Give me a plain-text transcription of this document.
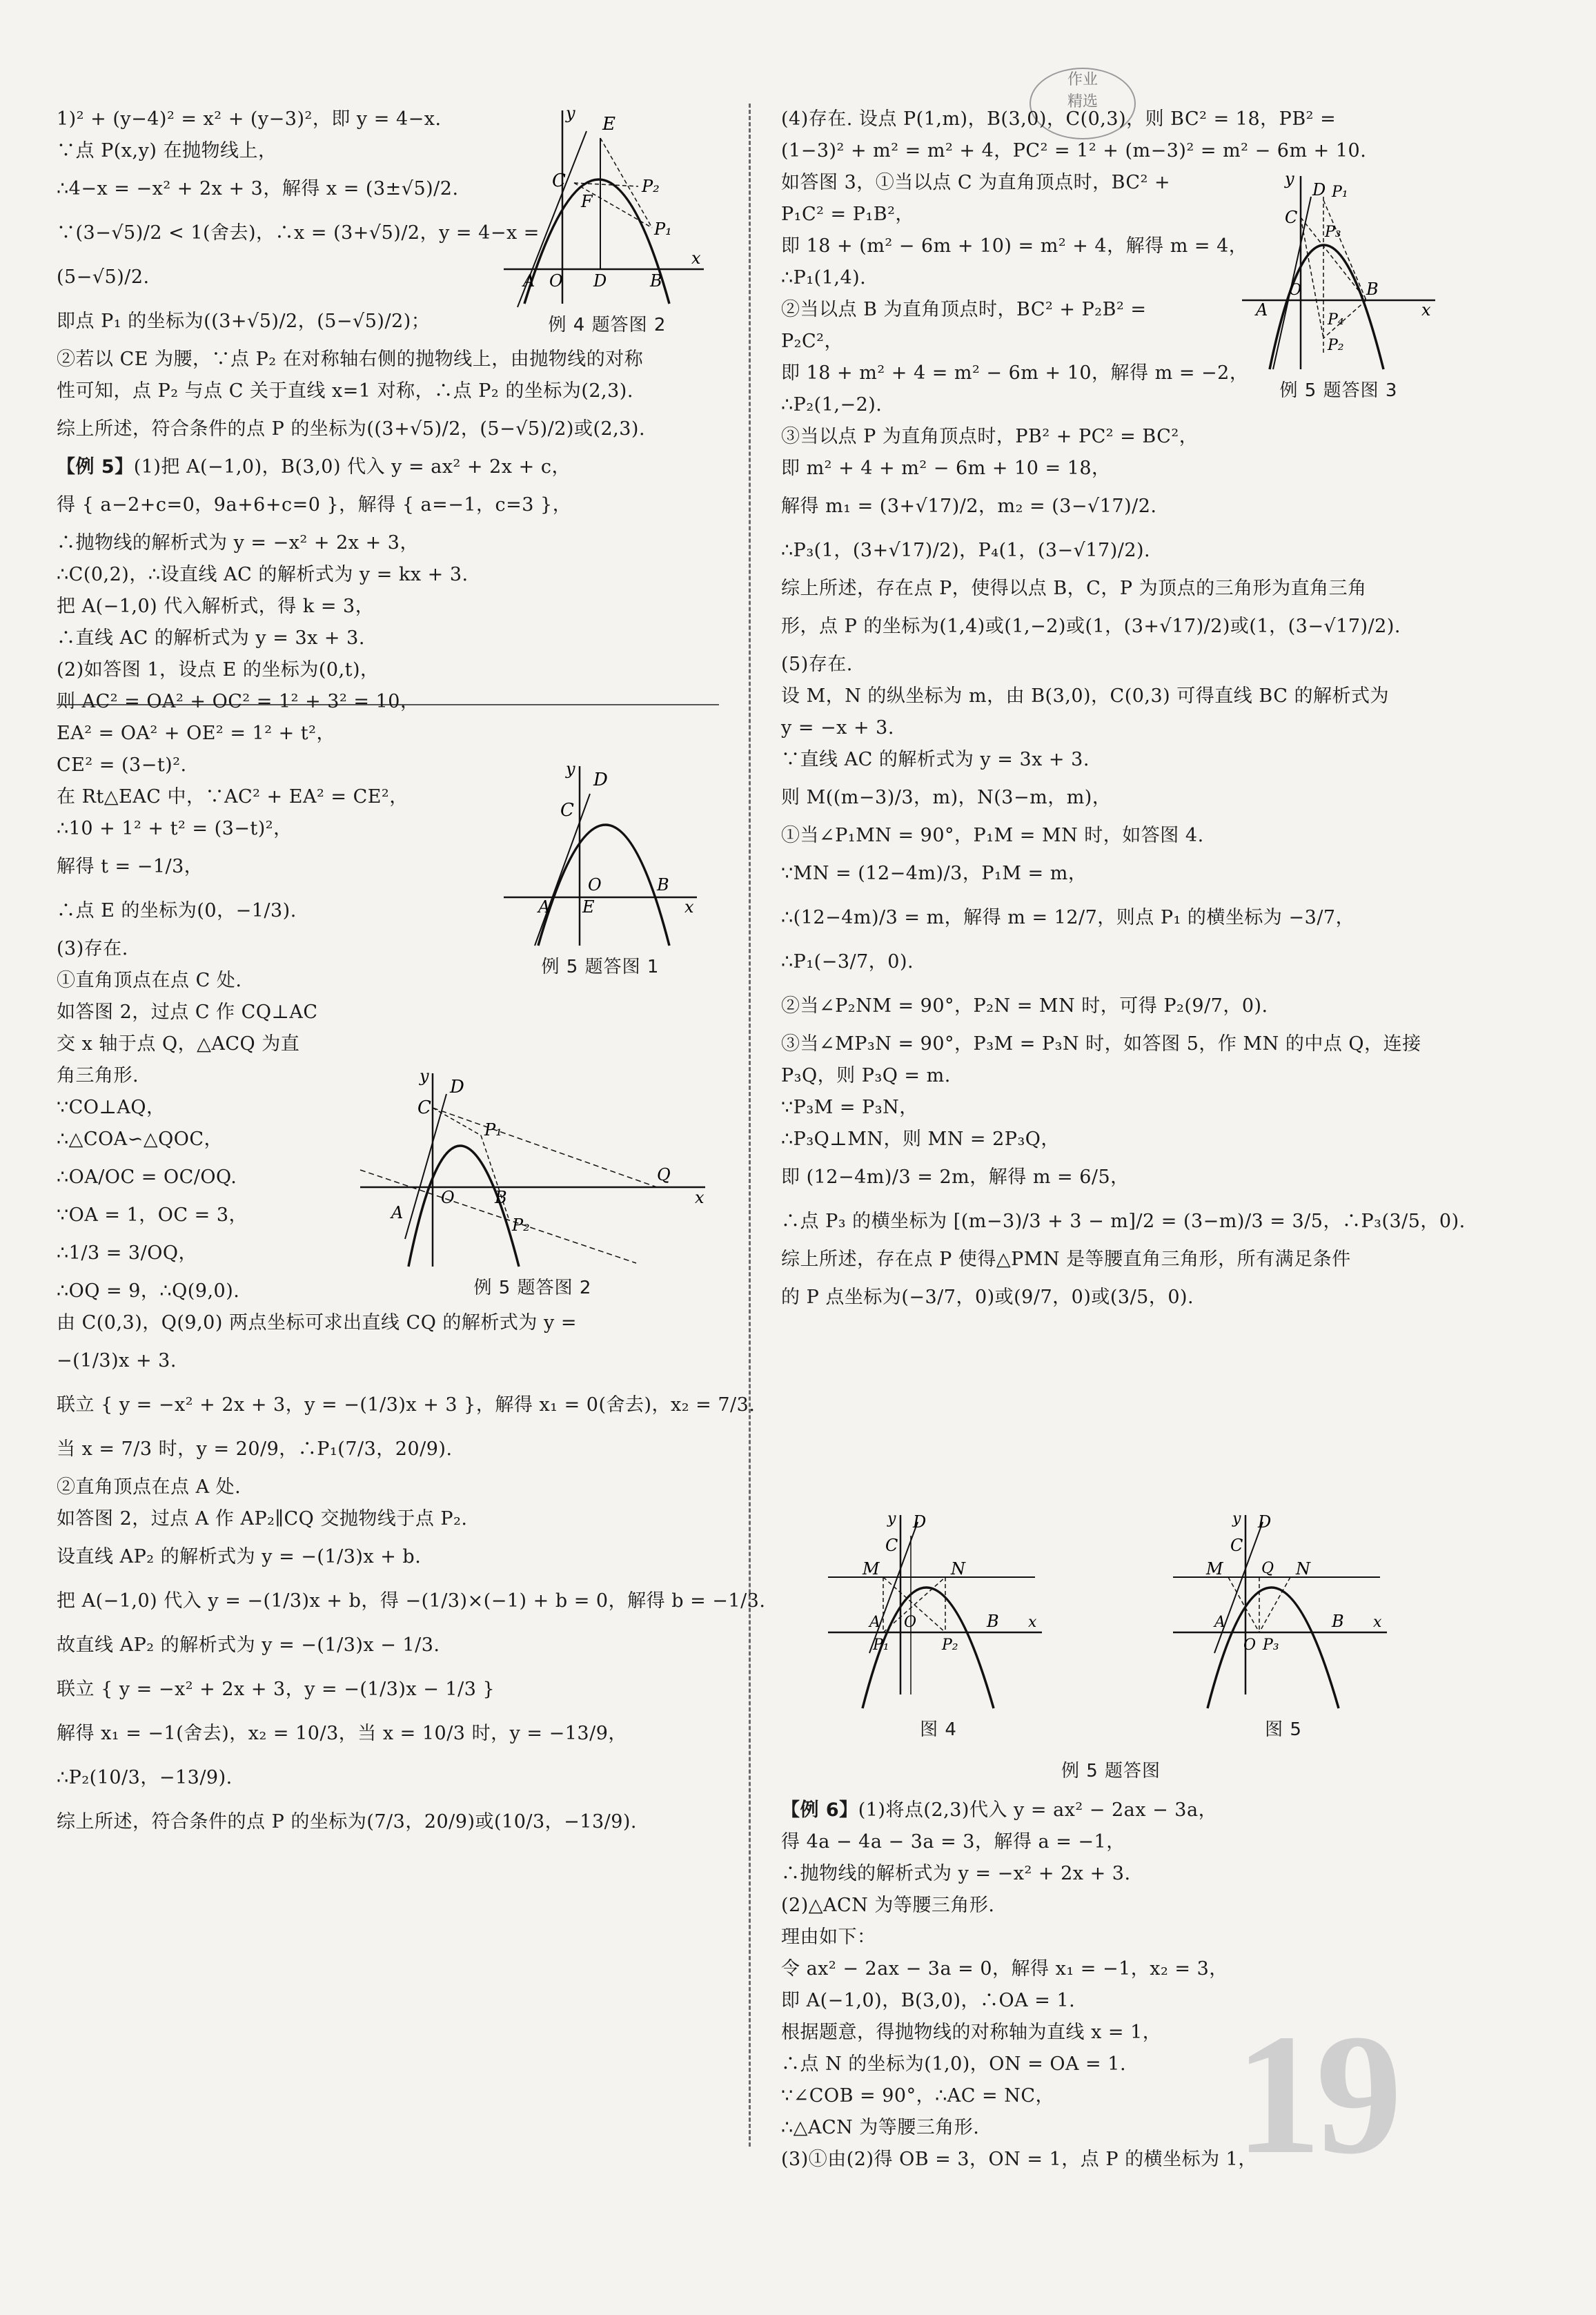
作业
精选
1)² + (y−4)² = x² + (y−3)²，即 y = 4−x.
∵点 P(x,y) 在抛物线上，
∴4−x = −x² + 2x + 3，解得 x = (3±√5)/2.
∵(3−√5)/2 < 1(舍去)，∴x = (3+√5)/2，y = 4−x =
(5−√5)/2.
即点 P₁ 的坐标为((3+√5)/2，(5−√5)/2)；
②若以 CE 为腰，∵点 P₂ 在对称轴右侧的抛物线上，由抛物线的对称
性可知，点 P₂ 与点 C 关于直线 x=1 对称，∴点 P₂ 的坐标为(2,3).
综上所述，符合条件的点 P 的坐标为((3+√5)/2，(5−√5)/2)或(2,3).
【例 5】(1)把 A(−1,0)，B(3,0) 代入 y = ax² + 2x + c，
得 { a−2+c=0，9a+6+c=0 }，解得 { a=−1，c=3 }，
∴抛物线的解析式为 y = −x² + 2x + 3，
∴C(0,2)，∴设直线 AC 的解析式为 y = kx + 3.
把 A(−1,0) 代入解析式，得 k = 3，
∴直线 AC 的解析式为 y = 3x + 3.
(2)如答图 1，设点 E 的坐标为(0,t)，
则 AC² = OA² + OC² = 1² + 3² = 10，
EA² = OA² + OE² = 1² + t²，
CE² = (3−t)².
在 Rt△EAC 中，∵AC² + EA² = CE²，
∴10 + 1² + t² = (3−t)²，
解得 t = −1/3，
∴点 E 的坐标为(0，−1/3).
(3)存在.
①直角顶点在点 C 处.
如答图 2，过点 C 作 CQ⊥AC
交 x 轴于点 Q，△ACQ 为直
角三角形.
∵CO⊥AQ，
∴△COA∽△QOC，
∴OA/OC = OC/OQ.
∵OA = 1，OC = 3，
∴1/3 = 3/OQ，
∴OQ = 9，∴Q(9,0).
由 C(0,3)，Q(9,0) 两点坐标可求出直线 CQ 的解析式为 y =
−(1/3)x + 3.
联立 { y = −x² + 2x + 3，y = −(1/3)x + 3 }，解得 x₁ = 0(舍去)，x₂ = 7/3.
当 x = 7/3 时，y = 20/9，∴P₁(7/3，20/9).
②直角顶点在点 A 处.
如答图 2，过点 A 作 AP₂∥CQ 交抛物线于点 P₂.
设直线 AP₂ 的解析式为 y = −(1/3)x + b.
把 A(−1,0) 代入 y = −(1/3)x + b，得 −(1/3)×(−1) + b = 0，解得 b = −1/3.
故直线 AP₂ 的解析式为 y = −(1/3)x − 1/3.
联立 { y = −x² + 2x + 3，y = −(1/3)x − 1/3 }
解得 x₁ = −1(舍去)，x₂ = 10/3，当 x = 10/3 时，y = −13/9，
∴P₂(10/3，−13/9).
综上所述，符合条件的点 P 的坐标为(7/3，20/9)或(10/3，−13/9).
(4)存在. 设点 P(1,m)，B(3,0)，C(0,3)，则 BC² = 18，PB² =
(1−3)² + m² = m² + 4，PC² = 1² + (m−3)² = m² − 6m + 10.
如答图 3，①当以点 C 为直角顶点时，BC² +
P₁C² = P₁B²，
即 18 + (m² − 6m + 10) = m² + 4，解得 m = 4，
∴P₁(1,4).
②当以点 B 为直角顶点时，BC² + P₂B² =
P₂C²，
即 18 + m² + 4 = m² − 6m + 10，解得 m = −2，
∴P₂(1,−2).
③当以点 P 为直角顶点时，PB² + PC² = BC²，
即 m² + 4 + m² − 6m + 10 = 18，
解得 m₁ = (3+√17)/2，m₂ = (3−√17)/2.
∴P₃(1，(3+√17)/2)，P₄(1，(3−√17)/2).
综上所述，存在点 P，使得以点 B，C，P 为顶点的三角形为直角三角
形，点 P 的坐标为(1,4)或(1,−2)或(1，(3+√17)/2)或(1，(3−√17)/2).
(5)存在.
设 M，N 的纵坐标为 m，由 B(3,0)，C(0,3) 可得直线 BC 的解析式为
y = −x + 3.
∵直线 AC 的解析式为 y = 3x + 3.
则 M((m−3)/3，m)，N(3−m，m)，
①当∠P₁MN = 90°，P₁M = MN 时，如答图 4.
∵MN = (12−4m)/3，P₁M = m，
∴(12−4m)/3 = m，解得 m = 12/7，则点 P₁ 的横坐标为 −3/7，
∴P₁(−3/7，0).
②当∠P₂NM = 90°，P₂N = MN 时，可得 P₂(9/7，0).
③当∠MP₃N = 90°，P₃M = P₃N 时，如答图 5，作 MN 的中点 Q，连接
P₃Q，则 P₃Q = m.
∵P₃M = P₃N，
∴P₃Q⊥MN，则 MN = 2P₃Q，
即 (12−4m)/3 = 2m，解得 m = 6/5，
∴点 P₃ 的横坐标为 [(m−3)/3 + 3 − m]/2 = (3−m)/3 = 3/5，∴P₃(3/5，0).
综上所述，存在点 P 使得△PMN 是等腰直角三角形，所有满足条件
的 P 点坐标为(−3/7，0)或(9/7，0)或(3/5，0).
【例 6】(1)将点(2,3)代入 y = ax² − 2ax − 3a，
得 4a − 4a − 3a = 3，解得 a = −1，
∴抛物线的解析式为 y = −x² + 2x + 3.
(2)△ACN 为等腰三角形.
理由如下：
令 ax² − 2ax − 3a = 0，解得 x₁ = −1，x₂ = 3，
即 A(−1,0)，B(3,0)，∴OA = 1.
根据题意，得抛物线的对称轴为直线 x = 1，
∴点 N 的坐标为(1,0)，ON = OA = 1.
∵∠COB = 90°，∴AC = NC，
∴△ACN 为等腰三角形.
(3)①由(2)得 OB = 3，ON = 1，点 P 的横坐标为 1，
E
C
F
P₂
P₁
A O D	B
x
y
例 4 题答图 2
D
C
O
A E
B
x
y
例 5 题答图 1
D
C
P₁
O B
Q
A
P₂
x
y
例 5 题答图 2
D P₁
C
P₃
A
O	B
P₄
P₂
x
y
例 5 题答图 3
D
C
M	N
A O
P₁	P₂
B x
y
图 4
D
C
M	Q N
A
O P₃
B x
y
图 5
例 5 题答图
19
